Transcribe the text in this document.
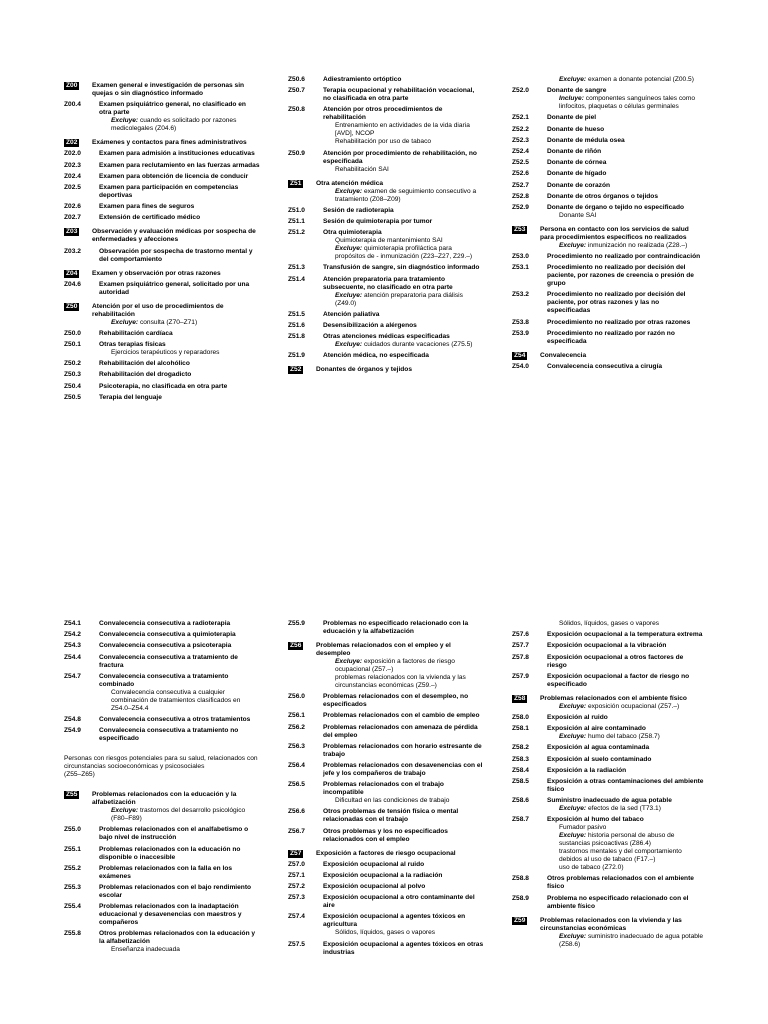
Z00	Examen general e investigación de personas sin quejas o sin diagnóstico informado
Z00.4	Examen psiquiátrico general, no clasificado en otra parte
Excluye: cuando es solicitado por razones medicolegales (Z04.6)
Z02	Exámenes y contactos para fines administrativos
Z02.0	Examen para admisión a instituciones educativas
Z02.3	Examen para reclutamiento en las fuerzas armadas
Z02.4	Examen para obtención de licencia de conducir
Z02.5	Examen para participación en competencias deportivas
Z02.6	Examen para fines de seguros
Z02.7	Extensión de certificado médico
Z03	Observación y evaluación médicas por sospecha de enfermedades y afecciones
Z03.2	Observación por sospecha de trastorno mental y del comportamiento
Z04	Examen y observación por otras razones
Z04.6	Examen psiquiátrico general, solicitado por una autoridad
Z50	Atención por el uso de procedimientos de rehabilitación
Excluye: consulta (Z70–Z71)
Z50.0	Rehabilitación cardíaca
Z50.1	Otras terapias físicas
Ejercicios terapéuticos y reparadores
Z50.2	Rehabilitación del alcohólico
Z50.3	Rehabilitación del drogadicto
Z50.4	Psicoterapia, no clasificada en otra parte
Z50.5	Terapia del lenguaje
Z50.6	Adiestramiento ortóptico
Z50.7	Terapia ocupacional y rehabilitación vocacional, no clasificada en otra parte
Z50.8	Atención por otros procedimientos de rehabilitación
Entrenamiento en actividades de la vida diaria [AVD], NCOP
Rehabilitación por uso de tabaco
Z50.9	Atención por procedimiento de rehabilitación, no especificada
Rehabilitación SAI
Z51	Otra atención médica
Excluye: examen de seguimiento consecutivo a tratamiento (Z08–Z09)
Z51.0	Sesión de radioterapia
Z51.1	Sesión de quimioterapia por tumor
Z51.2	Otra quimioterapia
Quimioterapia de mantenimiento SAI
Excluye: quimioterapia profiláctica para propósitos de - inmunización (Z23–Z27, Z29.–)
Z51.3	Transfusión de sangre, sin diagnóstico informado
Z51.4	Atención preparatoria para tratamiento subsecuente, no clasificado en otra parte
Excluye: atención preparatoria para diálisis (Z49.0)
Z51.5	Atención paliativa
Z51.6	Desensibilización a alérgenos
Z51.8	Otras atenciones médicas especificadas
Excluye: cuidados durante vacaciones (Z75.5)
Z51.9	Atención médica, no especificada
Z52	Donantes de órganos y tejidos
Excluye: examen a donante potencial (Z00.5)
Z52.0	Donante de sangre
Incluye: componentes sanguíneos tales como linfocitos, plaquetas o células germinales
Z52.1	Donante de piel
Z52.2	Donante de hueso
Z52.3	Donante de médula osea
Z52.4	Donante de riñón
Z52.5	Donante de córnea
Z52.6	Donante de hígado
Z52.7	Donante de corazón
Z52.8	Donante de otros órganos o tejidos
Z52.9	Donante de órgano o tejido no especificado
Donante SAI
Z53	Persona en contacto con los servicios de salud para procedimientos específicos no realizados
Excluye: inmunización no realizada (Z28.–)
Z53.0	Procedimiento no realizado por contraindicación
Z53.1	Procedimiento no realizado por decisión del paciente, por razones de creencia o presión de grupo
Z53.2	Procedimiento no realizado por decisión del paciente, por otras razones y las no especificadas
Z53.8	Procedimiento no realizado por otras razones
Z53.9	Procedimiento no realizado por razón no especificada
Z54	Convalecencia
Z54.0	Convalecencia consecutiva a cirugía
Z54.1	Convalecencia consecutiva a radioterapia
Z54.2	Convalecencia consecutiva a quimioterapia
Z54.3	Convalecencia consecutiva a psicoterapia
Z54.4	Convalecencia consecutiva a tratamiento de fractura
Z54.7	Convalecencia consecutiva a tratamiento combinado
Convalecencia consecutiva a cualquier combinación de tratamientos clasificados en Z54.0–Z54.4
Z54.8	Convalecencia consecutiva a otros tratamientos
Z54.9	Convalecencia consecutiva a tratamiento no especificado
Personas con riesgos potenciales para su salud, relacionados con circunstancias socioeconómicas y psicosociales
(Z55–Z65)
Z55	Problemas relacionados con la educación y la alfabetización
Excluye: trastornos del desarrollo psicológico (F80–F89)
Z55.0	Problemas relacionados con el analfabetismo o bajo nivel de instrucción
Z55.1	Problemas relacionados con la educación no disponible o inaccesible
Z55.2	Problemas relacionados con la falla en los exámenes
Z55.3	Problemas relacionados con el bajo rendimiento escolar
Z55.4	Problemas relacionados con la inadaptación educacional y desavenencias con maestros y compañeros
Z55.8	Otros problemas relacionados con la educación y la alfabetización
Enseñanza inadecuada
Z55.9	Problemas no especificado relacionado con la educación y la alfabetización
Z56	Problemas relacionados con el empleo y el desempleo
Excluye: exposición a factores de riesgo ocupacional (Z57.–)
problemas relacionados con la vivienda y las circunstancias económicas (Z59.–)
Z56.0	Problemas relacionados con el desempleo, no especificados
Z56.1	Problemas relacionados con el cambio de empleo
Z56.2	Problemas relacionados con amenaza de pérdida del empleo
Z56.3	Problemas relacionados con horario estresante de trabajo
Z56.4	Problemas relacionados con desavenencias con el jefe y los compañeros de trabajo
Z56.5	Problemas relacionados con el trabajo incompatible
Dificultad en las condiciones de trabajo
Z56.6	Otros problemas de tensión física o mental relacionadas con el trabajo
Z56.7	Otros problemas y los no especificados relacionados con el empleo
Z57	Exposición a factores de riesgo ocupacional
Z57.0	Exposición ocupacional al ruido
Z57.1	Exposición ocupacional a la radiación
Z57.2	Exposición ocupacional al polvo
Z57.3	Exposición ocupacional a otro contaminante del aire
Z57.4	Exposición ocupacional a agentes tóxicos en agricultura
Sólidos, líquidos, gases o vapores
Z57.5	Exposición ocupacional a agentes tóxicos en otras industrias
Sólidos, líquidos, gases o vapores
Z57.6	Exposición ocupacional a la temperatura extrema
Z57.7	Exposición ocupacional a la vibración
Z57.8	Exposición ocupacional a otros factores de riesgo
Z57.9	Exposición ocupacional a factor de riesgo no especificado
Z58	Problemas relacionados con el ambiente físico
Excluye: exposición ocupacional (Z57.–)
Z58.0	Exposición al ruido
Z58.1	Exposición al aire contaminado
Excluye: humo del tabaco (Z58.7)
Z58.2	Exposición al agua contaminada
Z58.3	Exposición al suelo contaminado
Z58.4	Exposición a la radiación
Z58.5	Exposición a otras contaminaciones del ambiente físico
Z58.6	Suministro inadecuado de agua potable
Excluye: efectos de la sed (T73.1)
Z58.7	Exposición al humo del tabaco
Fumador pasivo
Excluye: historia personal de abuso de sustancias psicoactivas (Z86.4)
trastornos mentales y del comportamiento debidos al uso de tabaco (F17.–)
uso de tabaco (Z72.0)
Z58.8	Otros problemas relacionados con el ambiente físico
Z58.9	Problema no especificado relacionado con el ambiente físico
Z59	Problemas relacionados con la vivienda y las circunstancias económicas
Excluye: suministro inadecuado de agua potable (Z58.6)
